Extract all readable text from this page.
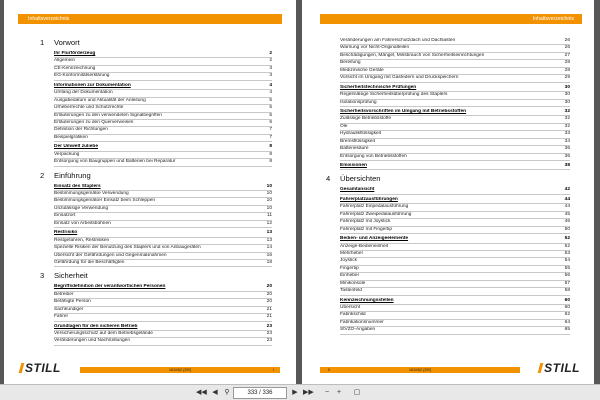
Inhaltsverzeichnis
1	Vorwort
Ihr Flurförderzeug	2
Allgemein	2
CE-Kennzeichnung	3
EG-Konformitätserklärung	3
Informationen zur Dokumentation	4
Umfang der Dokumentation	4
Ausgabedatum und Aktualität der Anleitung	5
Urheberrechte und Schutzrechte	5
Erläuterungen zu den verwendeten Signalbegriffen	5
Erläuterungen zu den Querverweisen	6
Definition der Richtungen	7
Beispielgrafiken	7
Der Umwelt zuliebe	8
Verpackung	8
Entsorgung von Baugruppen und Batterien bei Reparatur	8
2	Einführung
Einsatz des Staplers	10
Bestimmungsgemäße Verwendung	10
Bestimmungsgemäßer Einsatz beim Schleppen	10
Unzulässige Verwendung	10
Einsatzort	11
Einsatz von Arbeitsbühnen	12
Restrisiko	13
Restgefahren, Restrisiken	13
Spezielle Risiken der Benutzung des Staplers und von Anbaugeräten	14
Übersicht der Gefährdungen und Gegenmaßnahmen	16
Gefährdung für die Beschäftigten	18
3	Sicherheit
Begriffsdefinition der verantwortlichen Personen	20
Betreiber	20
Befähigte Person	20
Sachkundiger	21
Fahrer	21
Grundlagen für den sicheren Betrieb	23
Versicherungsschutz auf dem Betriebsgelände	23
Veränderungen und Nachrüstungen	23
STILL	163452 [DE]	I
Inhaltsverzeichnis
Veränderungen am Fahrerschutzdach und Dachlasten	26
Warnung vor Nicht-Originalteilen	26
Beschädigungen, Mängel, Missbrauch von Sicherheitseinrichtungen	27
Bereifung	28
Medizinische Geräte	28
Vorsicht im Umgang mit Gasfedern und Druckspeichern	29
Sicherheitstechnische Prüfungen	30
Regelmäßige Sicherheitsüberprüfung des Staplers	30
Isolationsprüfung	30
Sicherheitsvorschriften im Umgang mit Betriebsstoffen	32
Zulässige Betriebsstoffe	32
Öle	32
Hydraulikflüssigkeit	33
Bremsflüssigkeit	34
Batteriesäure	36
Entsorgung von Betriebsstoffen	36
Emissionen	38
4	Übersichten
Gesamtansicht	42
Fahrerplatzausführungen	44
Fahrerplatz Einpedalausführung	44
Fahrerplatz Zweipedalausführung	45
Fahrerplatz mit Joystick	46
Fahrerplatz mit Fingertip	50
Bedien- und Anzeigeelemente	52
Anzeige-Bedieneinheit	52
Mehrhebel	53
Joystick	54
Fingertip	55
Einhebel	56
Minikonsole	57
Tastenfeld	58
Kennzeichnungsstellen	60
Übersicht	60
Fabrikschild	62
Fabrikationsnummer	64
StVZO-Angaben	65
STILL
163452 [DE]
II
◀◀ ◀ ⚲	333 / 336	▶ ▶▶	−	+	▢
